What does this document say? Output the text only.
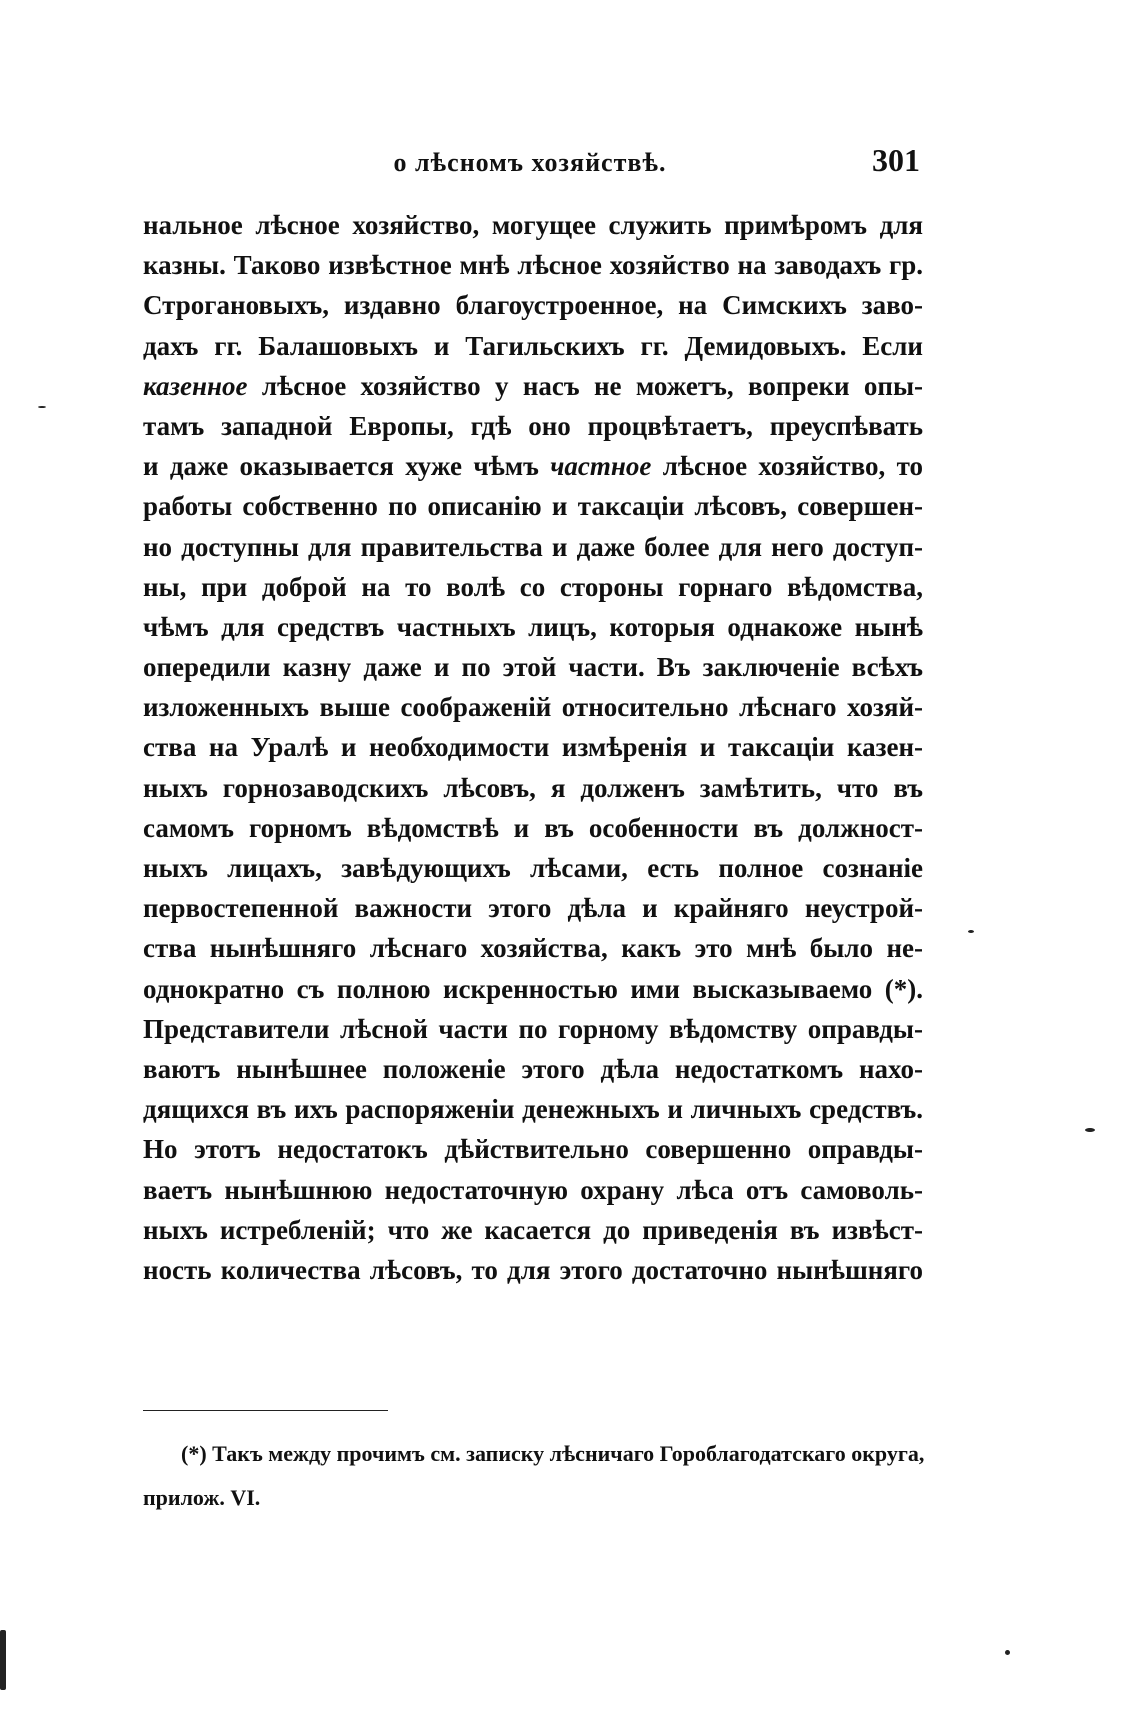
о лѣсномъ хозяйствѣ.	301
нальное лѣсное хозяйство, могущее служить примѣромъ для
казны. Таково извѣстное мнѣ лѣсное хозяйство на заводахъ гр.
Строгановыхъ, издавно благоустроенное, на Симскихъ заво-
дахъ гг. Балашовыхъ и Тагильскихъ гг. Демидовыхъ. Если
казенное лѣсное хозяйство у насъ не можетъ, вопреки опы-
тамъ западной Европы, гдѣ оно процвѣтаетъ, преуспѣвать
и даже оказывается хуже чѣмъ частное лѣсное хозяйство, то
работы собственно по описанію и таксаціи лѣсовъ, совершен-
но доступны для правительства и даже более для него доступ-
ны, при доброй на то волѣ со стороны горнаго вѣдомства,
чѣмъ для средствъ частныхъ лицъ, которыя однакоже нынѣ
опередили казну даже и по этой части. Въ заключеніе всѣхъ
изложенныхъ выше соображеній относительно лѣснаго хозяй-
ства на Уралѣ и необходимости измѣренія и таксаціи казен-
ныхъ горнозаводскихъ лѣсовъ, я долженъ замѣтить, что въ
самомъ горномъ вѣдомствѣ и въ особенности въ должност-
ныхъ лицахъ, завѣдующихъ лѣсами, есть полное сознаніе
первостепенной важности этого дѣла и крайняго неустрой-
ства нынѣшняго лѣснаго хозяйства, какъ это мнѣ было не-
однократно съ полною искренностью ими высказываемо (*).
Представители лѣсной части по горному вѣдомству оправды-
ваютъ нынѣшнее положеніе этого дѣла недостаткомъ нахо-
дящихся въ ихъ распоряженіи денежныхъ и личныхъ средствъ.
Но этотъ недостатокъ дѣйствительно совершенно оправды-
ваетъ нынѣшнюю недостаточную охрану лѣса отъ самоволь-
ныхъ истребленій; что же касается до приведенія въ извѣст-
ность количества лѣсовъ, то для этого достаточно нынѣшняго
(*) Такъ между прочимъ см. записку лѣсничаго Гороблагодатскаго округа,
прилож. VI.
